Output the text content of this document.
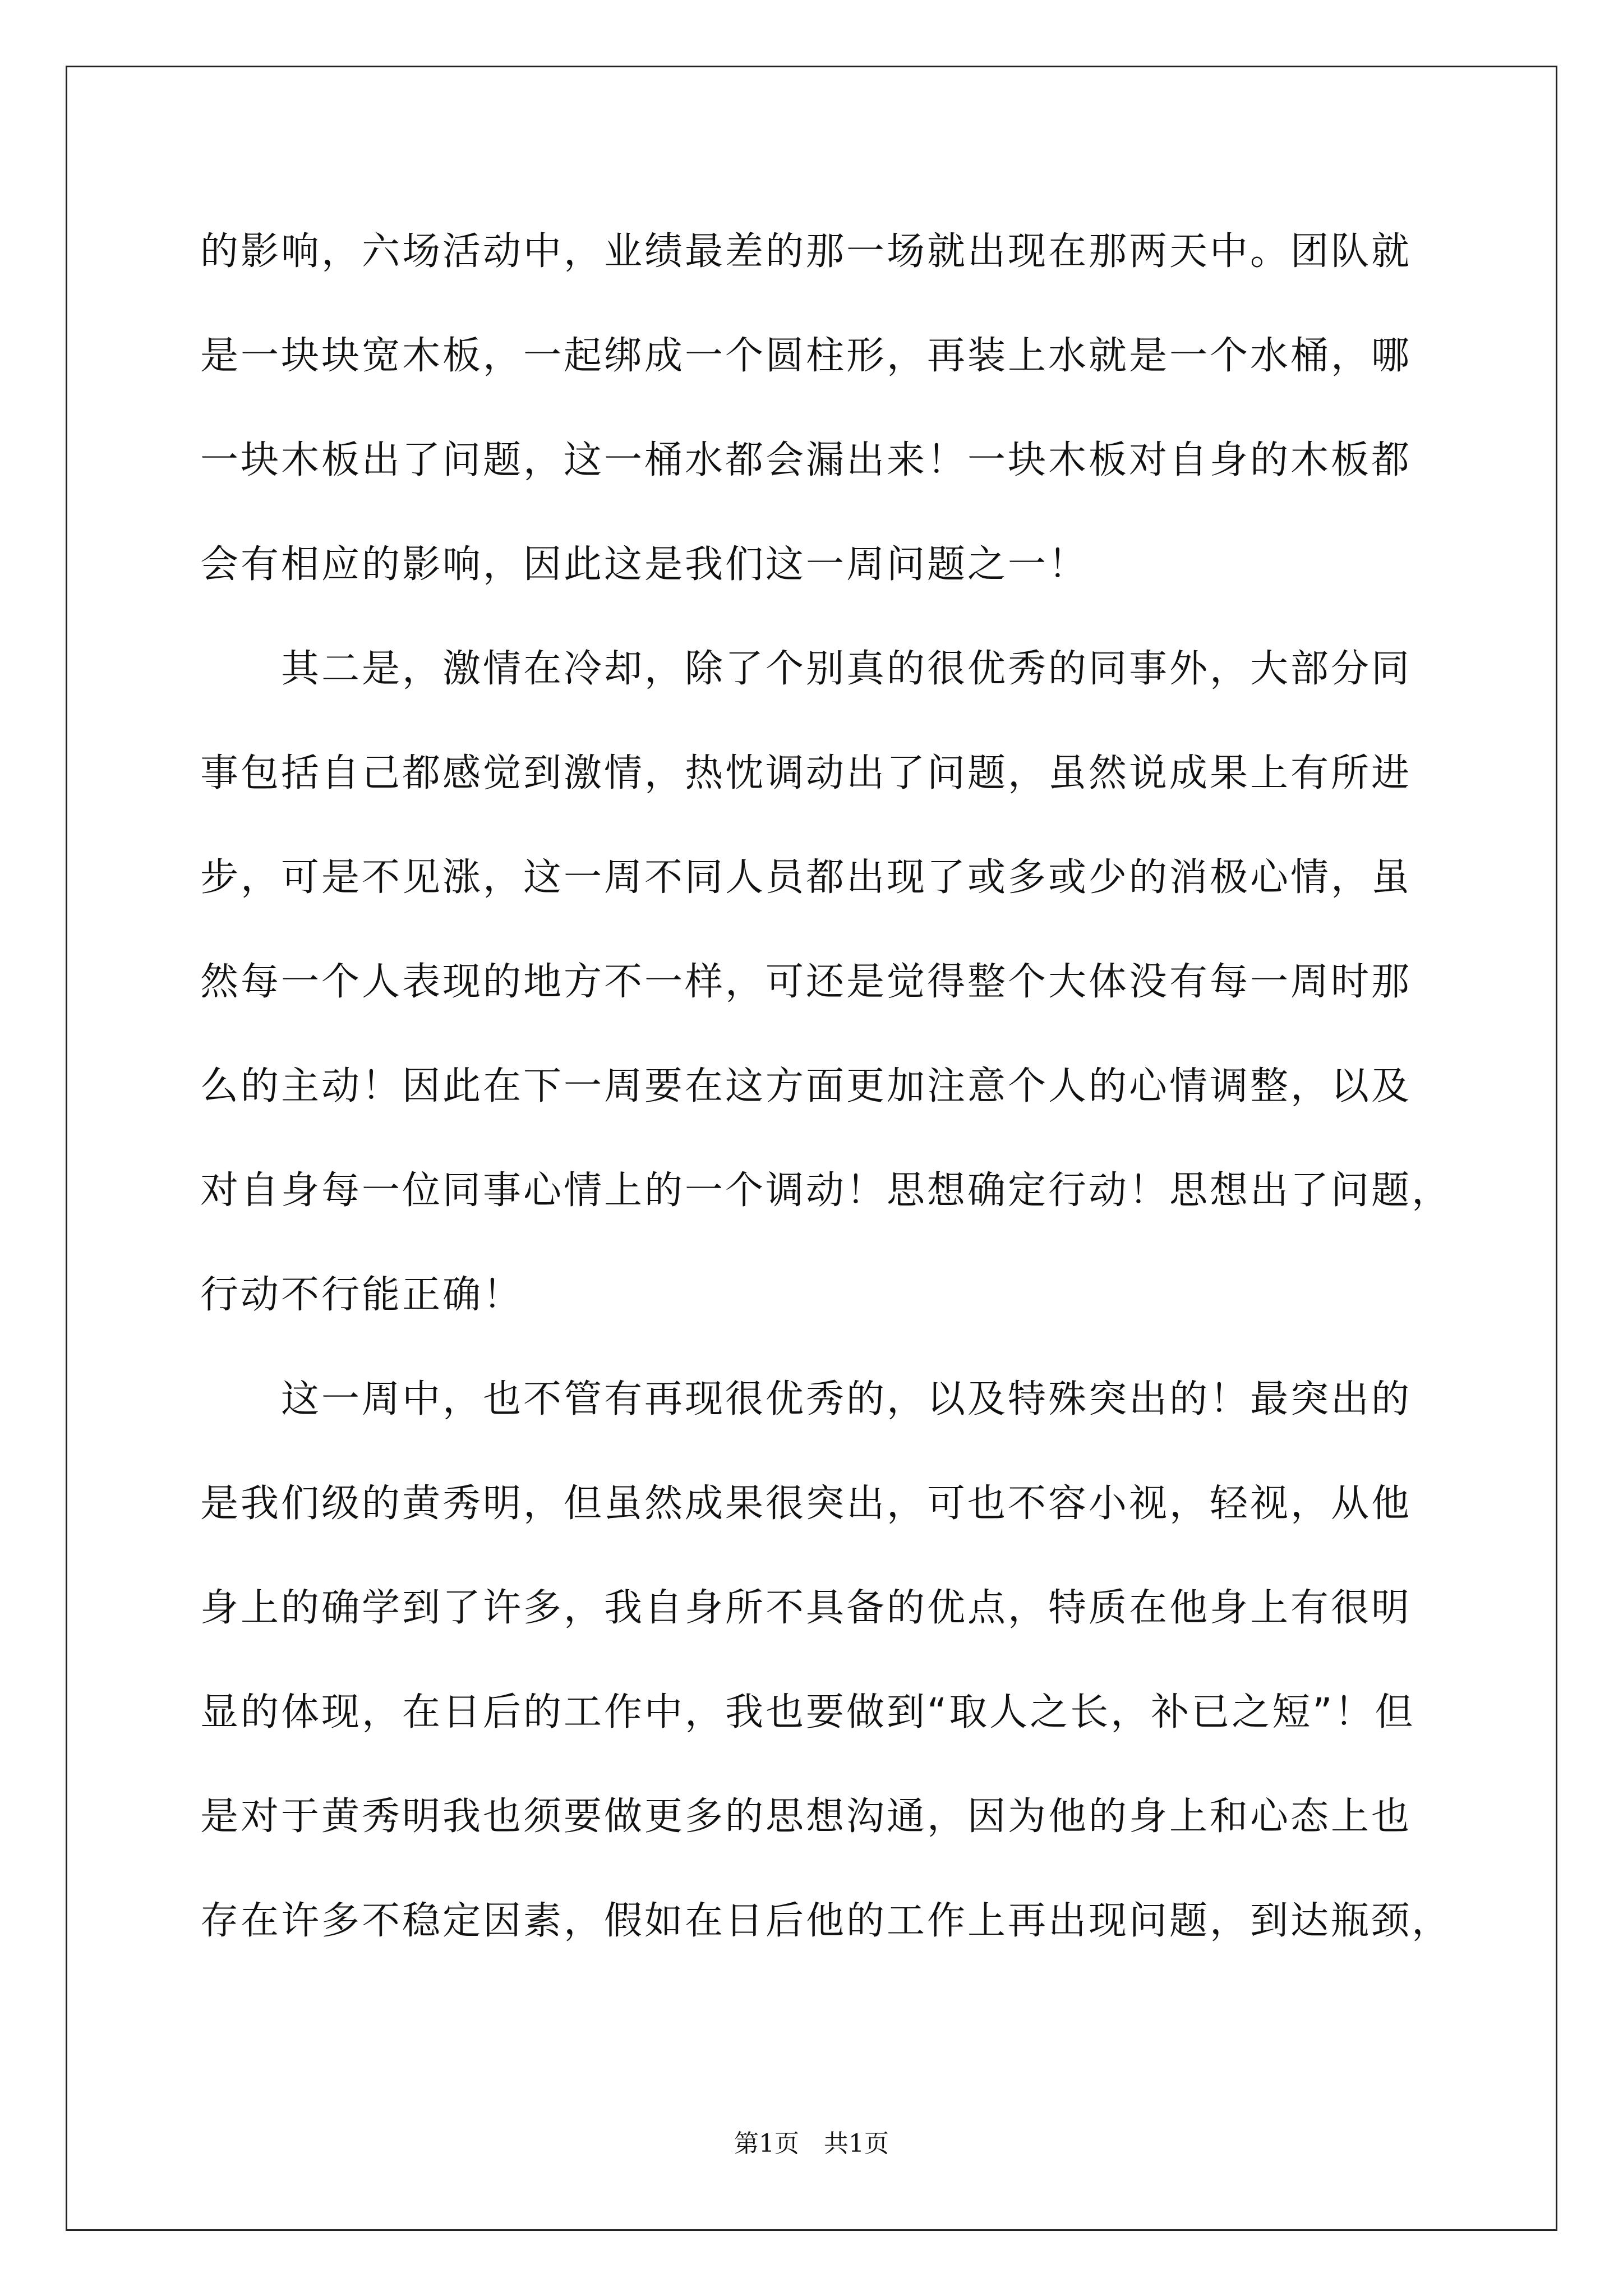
的影响，六场活动中，业绩最差的那一场就出现在那两天中。团队就
是一块块宽木板，一起绑成一个圆柱形，再装上水就是一个水桶，哪
一块木板出了问题，这一桶水都会漏出来！一块木板对自身的木板都
会有相应的影响，因此这是我们这一周问题之一！
　　其二是，激情在冷却，除了个别真的很优秀的同事外，大部分同
事包括自己都感觉到激情，热忱调动出了问题，虽然说成果上有所进
步，可是不见涨，这一周不同人员都出现了或多或少的消极心情，虽
然每一个人表现的地方不一样，可还是觉得整个大体没有每一周时那
么的主动！因此在下一周要在这方面更加注意个人的心情调整，以及
对自身每一位同事心情上的一个调动！思想确定行动！思想出了问题，
行动不行能正确！
　　这一周中，也不管有再现很优秀的，以及特殊突出的！最突出的
是我们级的黄秀明，但虽然成果很突出，可也不容小视，轻视，从他
身上的确学到了许多，我自身所不具备的优点，特质在他身上有很明
显的体现，在日后的工作中，我也要做到“取人之长，补已之短”！但
是对于黄秀明我也须要做更多的思想沟通，因为他的身上和心态上也
存在许多不稳定因素，假如在日后他的工作上再出现问题，到达瓶颈，
第1页 共1页
